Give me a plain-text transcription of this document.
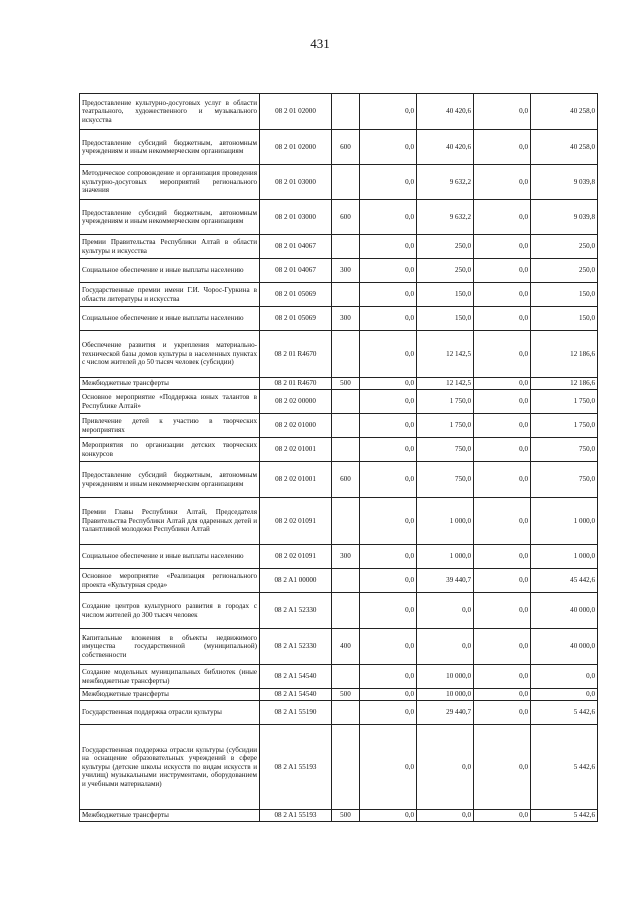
431
Предоставление культурно-досуговых услуг в области театрального, художественного и музыкального искусства	08 2 01 02000		0,0	40 420,6	0,0	40 258,0
Предоставление субсидий бюджетным, автономным учреждениям и иным некоммерческим организациям	08 2 01 02000	600	0,0	40 420,6	0,0	40 258,0
Методическое сопровождение и организация проведения культурно-досуговых мероприятий регионального значения	08 2 01 03000		0,0	9 632,2	0,0	9 039,8
Предоставление субсидий бюджетным, автономным учреждениям и иным некоммерческим организациям	08 2 01 03000	600	0,0	9 632,2	0,0	9 039,8
Премии Правительства Республики Алтай в области культуры и искусства	08 2 01 04067		0,0	250,0	0,0	250,0
Социальное обеспечение и иные выплаты населению	08 2 01 04067	300	0,0	250,0	0,0	250,0
Государственные премии имени Г.И. Чорос-Гуркина в области литературы и искусства	08 2 01 05069		0,0	150,0	0,0	150,0
Социальное обеспечение и иные выплаты населению	08 2 01 05069	300	0,0	150,0	0,0	150,0
Обеспечение развития и укрепления материально-технической базы домов культуры в населенных пунктах с числом жителей до 50 тысяч человек (субсидии)	08 2 01 R4670		0,0	12 142,5	0,0	12 186,6
Межбюджетные трансферты	08 2 01 R4670	500	0,0	12 142,5	0,0	12 186,6
Основное мероприятие «Поддержка юных талантов в Республике Алтай»	08 2 02 00000		0,0	1 750,0	0,0	1 750,0
Привлечение детей к участию в творческих мероприятиях	08 2 02 01000		0,0	1 750,0	0,0	1 750,0
Мероприятия по организации детских творческих конкурсов	08 2 02 01001		0,0	750,0	0,0	750,0
Предоставление субсидий бюджетным, автономным учреждениям и иным некоммерческим организациям	08 2 02 01001	600	0,0	750,0	0,0	750,0
Премии Главы Республики Алтай, Председателя Правительства Республики Алтай для одаренных детей и талантливой молодежи Республики Алтай	08 2 02 01091		0,0	1 000,0	0,0	1 000,0
Социальное обеспечение и иные выплаты населению	08 2 02 01091	300	0,0	1 000,0	0,0	1 000,0
Основное мероприятие «Реализация регионального проекта «Культурная среда»	08 2 A1 00000		0,0	39 440,7	0,0	45 442,6
Создание центров культурного развития в городах с числом жителей до 300 тысяч человек	08 2 A1 52330		0,0	0,0	0,0	40 000,0
Капитальные вложения в объекты недвижимого имущества государственной (муниципальной) собственности	08 2 A1 52330	400	0,0	0,0	0,0	40 000,0
Создание модельных муниципальных библиотек (иные межбюджетные трансферты)	08 2 A1 54540		0,0	10 000,0	0,0	0,0
Межбюджетные трансферты	08 2 A1 54540	500	0,0	10 000,0	0,0	0,0
Государственная поддержка отрасли культуры	08 2 A1 55190		0,0	29 440,7	0,0	5 442,6
Государственная поддержка отрасли культуры (субсидии на оснащение образовательных учреждений в сфере культуры (детские школы искусств по видам искусств и училищ) музыкальными инструментами, оборудованием и учебными материалами)	08 2 A1 55193		0,0	0,0	0,0	5 442,6
Межбюджетные трансферты	08 2 A1 55193	500	0,0	0,0	0,0	5 442,6
